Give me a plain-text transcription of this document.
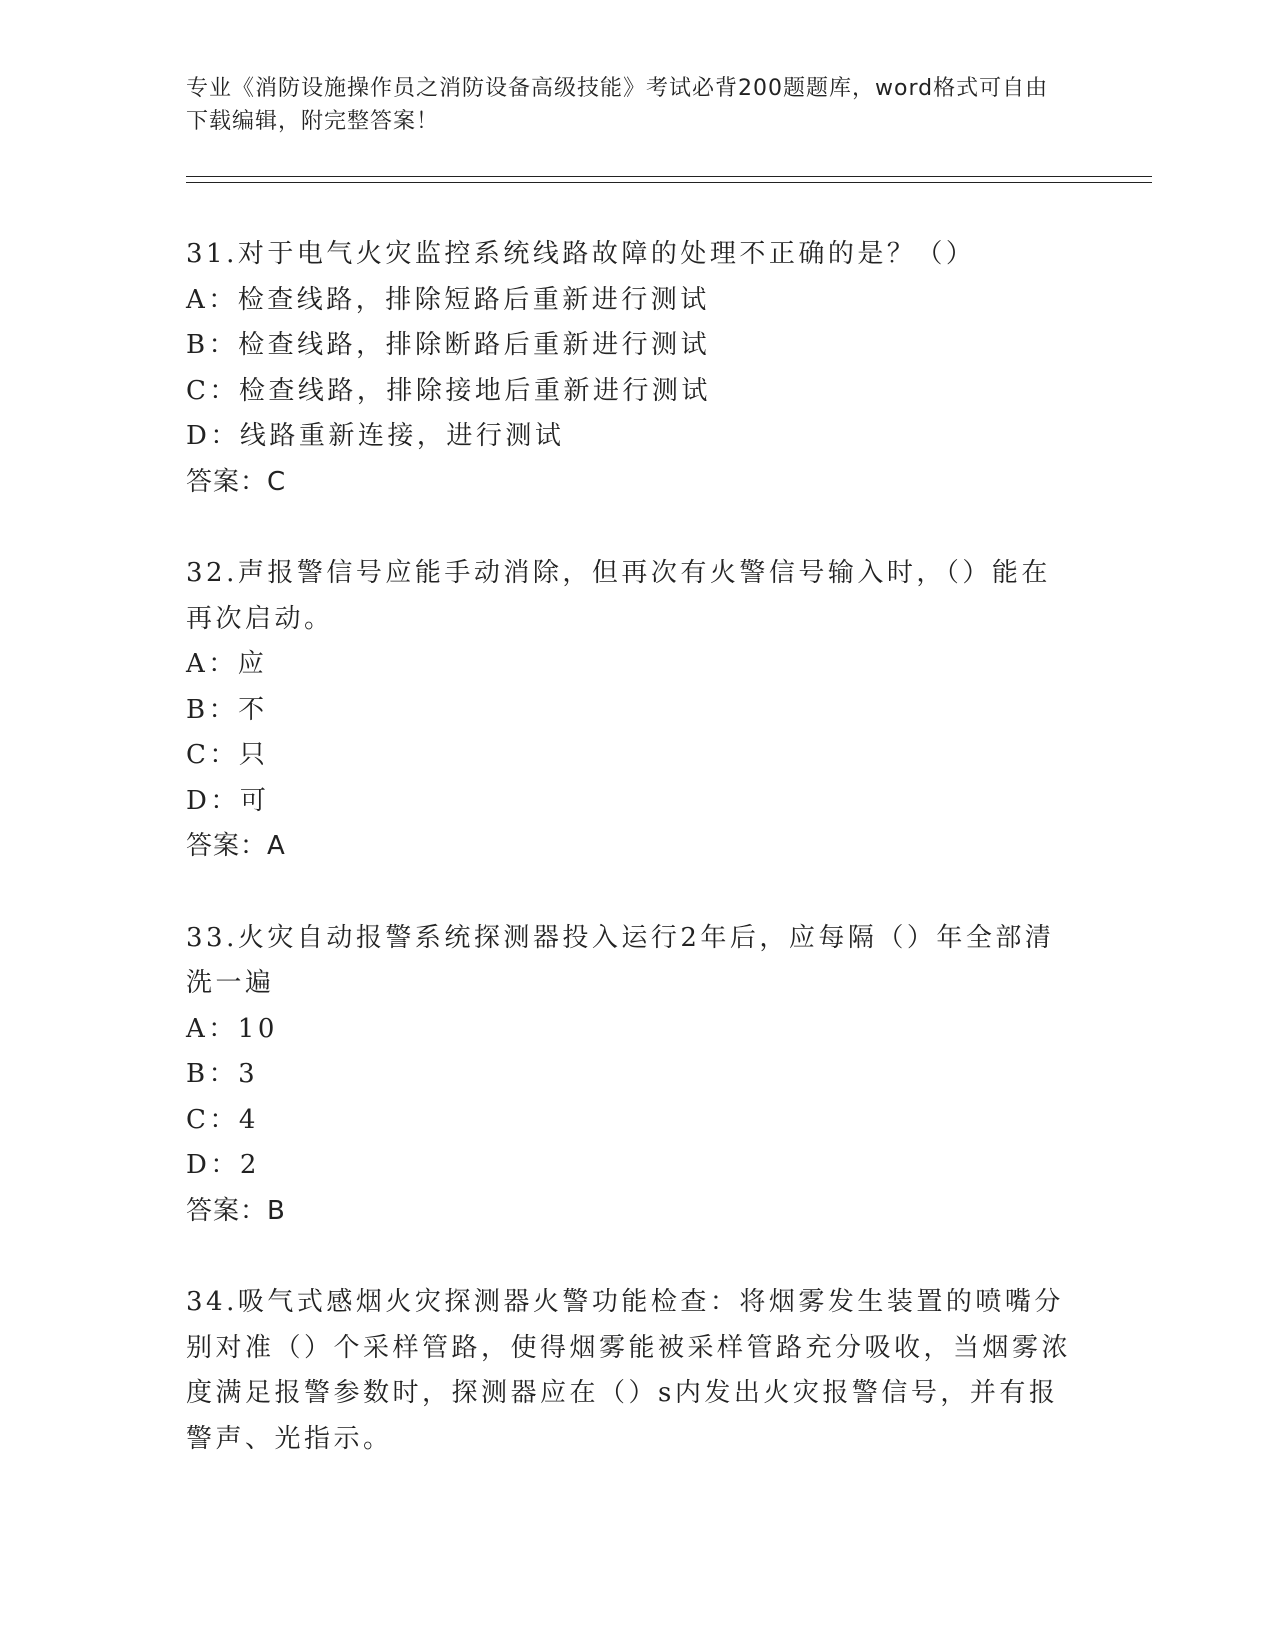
专业《消防设施操作员之消防设备高级技能》考试必背200题题库，word格式可自由下载编辑，附完整答案！

31.对于电气火灾监控系统线路故障的处理不正确的是？（）

A：检查线路，排除短路后重新进行测试

B：检查线路，排除断路后重新进行测试

C：检查线路，排除接地后重新进行测试

D：线路重新连接，进行测试

答案：C

32.声报警信号应能手动消除，但再次有火警信号输入时，（）能在再次启动。

A：应

B：不

C：只

D：可

答案：A

33.火灾自动报警系统探测器投入运行2年后，应每隔（）年全部清洗一遍

A：10

B：3

C：4

D：2

答案：B

34.吸气式感烟火灾探测器火警功能检查：将烟雾发生装置的喷嘴分别对准（）个采样管路，使得烟雾能被采样管路充分吸收，当烟雾浓度满足报警参数时，探测器应在（）s内发出火灾报警信号，并有报警声、光指示。
